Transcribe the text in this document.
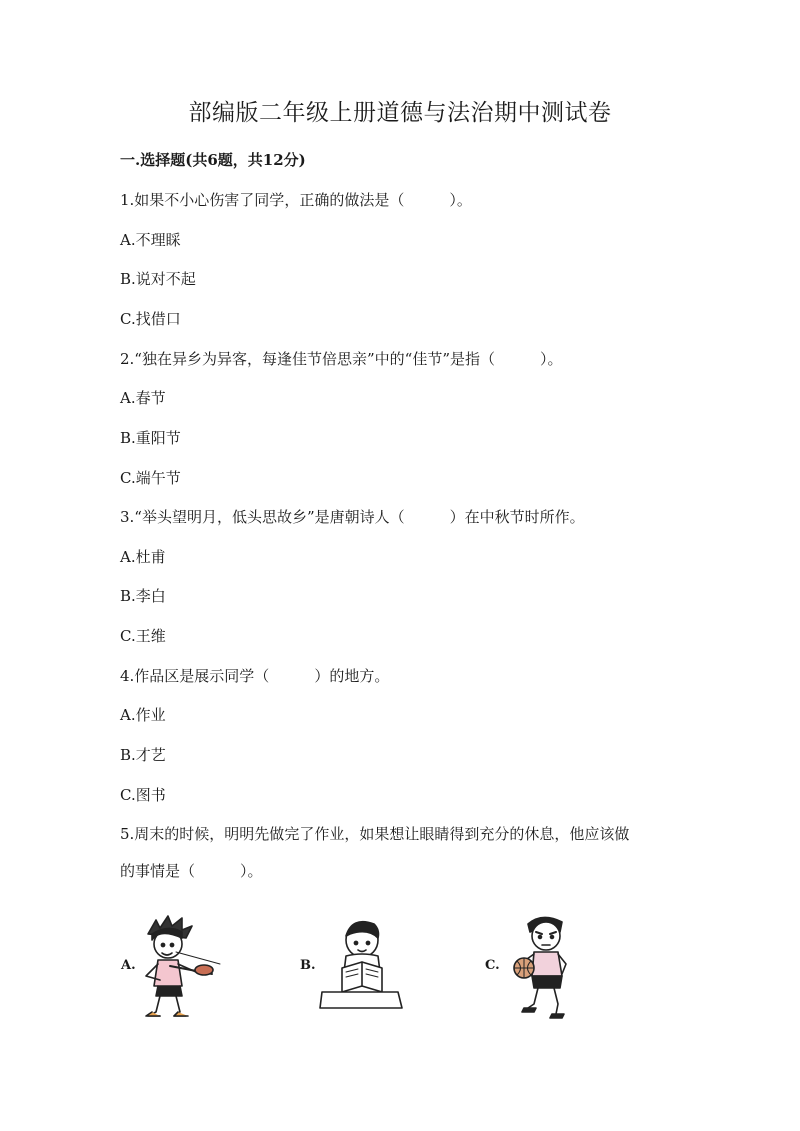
部编版二年级上册道德与法治期中测试卷
一.选择题(共6题，共12分)
1.如果不小心伤害了同学，正确的做法是（　　　）。
A.不理睬
B.说对不起
C.找借口
2.“独在异乡为异客，每逢佳节倍思亲”中的“佳节”是指（　　　）。
A.春节
B.重阳节
C.端午节
3.“举头望明月，低头思故乡”是唐朝诗人（　　　）在中秋节时所作。
A.杜甫
B.李白
C.王维
4.作品区是展示同学（　　　）的地方。
A.作业
B.才艺
C.图书
5.周末的时候，明明先做完了作业，如果想让眼睛得到充分的休息，他应该做
的事情是（　　　）。
A.	B.	C.
